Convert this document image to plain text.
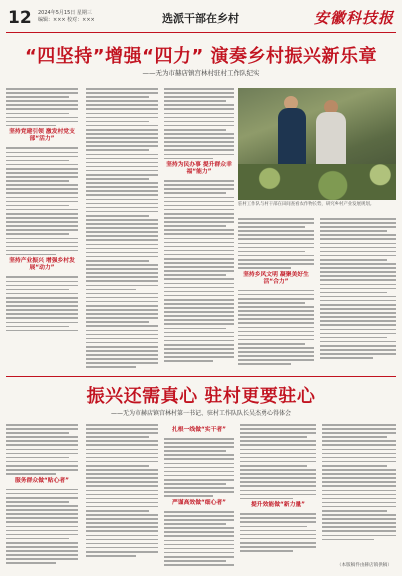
12 2024年5月15日 星期三
编辑：××× 校对：×××	选派干部在乡村	安徽科技报
“四坚持”增强“四力” 演奏乡村振兴新乐章
——无为市赫店镇宫林村驻村工作队纪实
坚持党建引领 激发村党支部“活力”
坚持产业振兴 增强乡村发展“动力”
坚持为民办事 提升群众幸福“能力”
驻村工作队与村干部在田间查看农作物长势，研究乡村产业发展规划。
坚持乡风文明 凝聚美好生活“合力”
振兴还需真心 驻村更要驻心
——无为市赫店镇宫林村第一书记、驻村工作队队长吴杰勇心得体会
服务群众做“贴心者”
扎根一线做“实干者”
严谨高效做“细心者”	提升效能做“新力量”
（本版稿件由赫店镇供稿）
